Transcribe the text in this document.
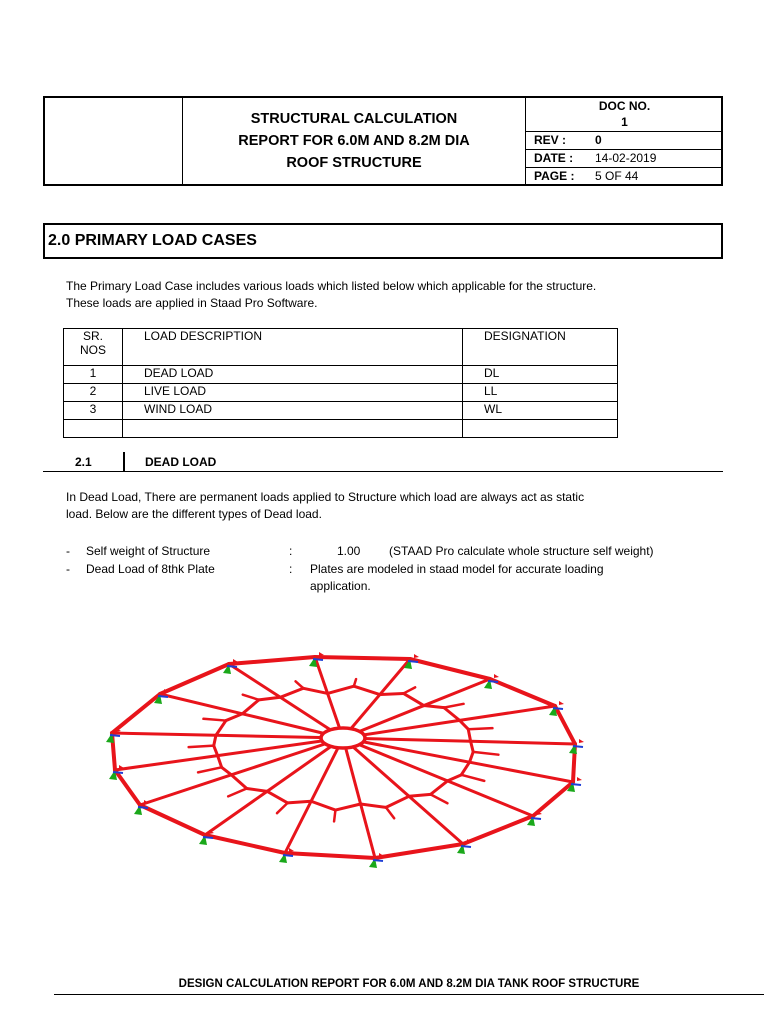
STRUCTURAL CALCULATION
REPORT FOR 6.0M AND 8.2M DIA
ROOF STRUCTURE
DOC NO.
1
REV : 0
DATE : 14-02-2019
PAGE : 5 OF 44
2.0 PRIMARY LOAD CASES
The Primary Load Case includes various loads which listed below which applicable for the structure.
These loads are applied in Staad Pro Software.
SR.
NOS	LOAD DESCRIPTION	DESIGNATION
1	DEAD LOAD	DL
2	LIVE LOAD	LL
3	WIND LOAD	WL

2.1	DEAD LOAD
In Dead Load, There are permanent loads applied to Structure which load are always act as static
load. Below are the different types of Dead load.
- Self weight of Structure	:	1.00 (STAAD Pro calculate whole structure self weight)
- Dead Load of 8thk Plate	: Plates are modeled in staad model for accurate loading
application.
DESIGN CALCULATION REPORT FOR 6.0M AND 8.2M DIA TANK ROOF STRUCTURE
